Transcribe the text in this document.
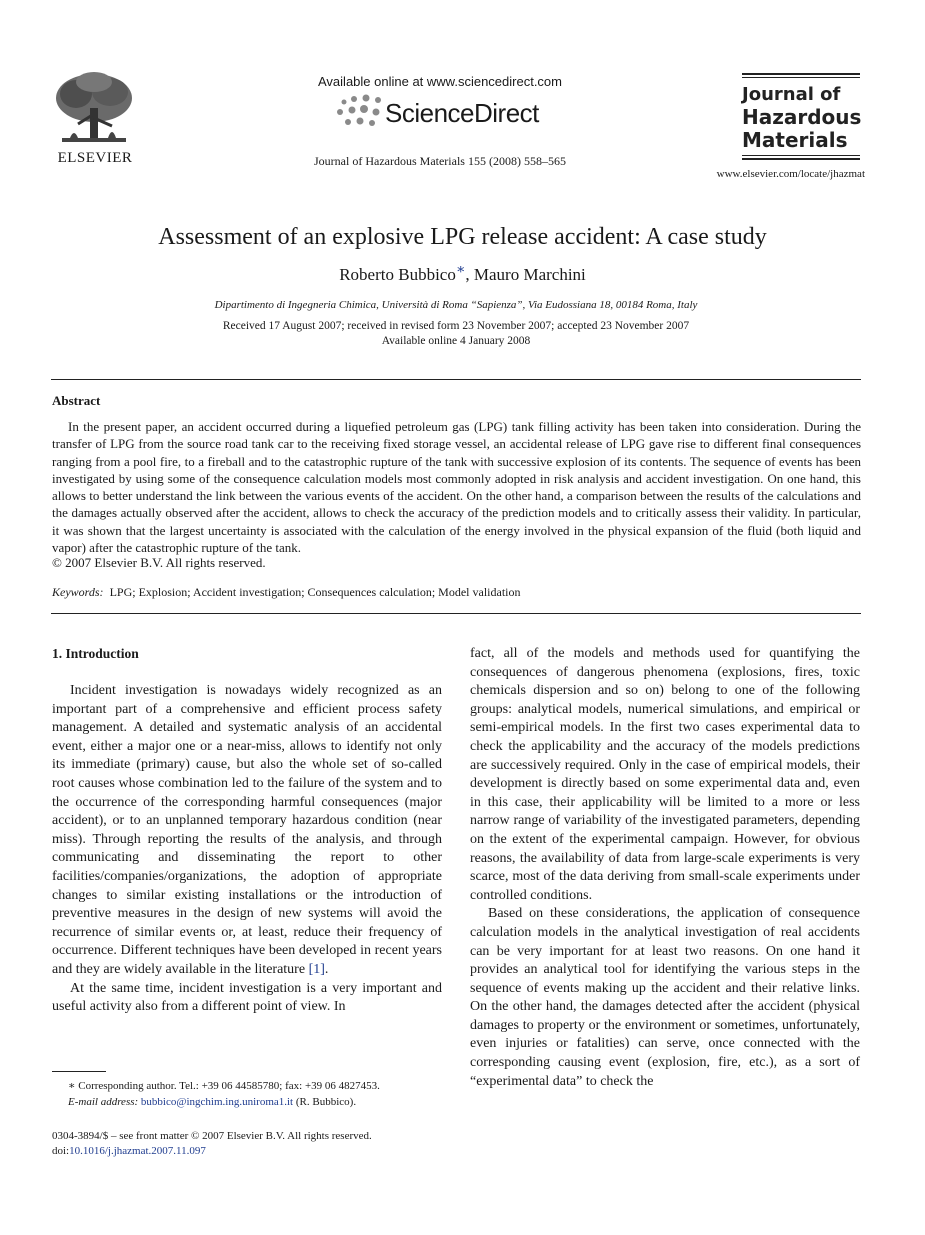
ELSEVIER
Available online at www.sciencedirect.com
ScienceDirect
Journal of Hazardous Materials 155 (2008) 558–565
Journal of
Hazardous
Materials
www.elsevier.com/locate/jhazmat
Assessment of an explosive LPG release accident: A case study
Roberto Bubbico∗, Mauro Marchini
Dipartimento di Ingegneria Chimica, Università di Roma “Sapienza”, Via Eudossiana 18, 00184 Roma, Italy
Received 17 August 2007; received in revised form 23 November 2007; accepted 23 November 2007
Available online 4 January 2008
Abstract
In the present paper, an accident occurred during a liquefied petroleum gas (LPG) tank filling activity has been taken into consideration. During the transfer of LPG from the source road tank car to the receiving fixed storage vessel, an accidental release of LPG gave rise to different final consequences ranging from a pool fire, to a fireball and to the catastrophic rupture of the tank with successive explosion of its contents. The sequence of events has been investigated by using some of the consequence calculation models most commonly adopted in risk analysis and accident investigation. On one hand, this allows to better understand the link between the various events of the accident. On the other hand, a comparison between the results of the calculations and the damages actually observed after the accident, allows to check the accuracy of the prediction models and to critically assess their validity. In particular, it was shown that the largest uncertainty is associated with the calculation of the energy involved in the physical expansion of the fluid (both liquid and vapor) after the catastrophic rupture of the tank.
© 2007 Elsevier B.V. All rights reserved.
Keywords: LPG; Explosion; Accident investigation; Consequences calculation; Model validation
1. Introduction

Incident investigation is nowadays widely recognized as an important part of a comprehensive and efficient process safety management. A detailed and systematic analysis of an accidental event, either a major one or a near-miss, allows to identify not only its immediate (primary) cause, but also the whole set of so-called root causes whose combination led to the failure of the system and to the occurrence of the corresponding harmful consequences (major accident), or to an unplanned temporary hazardous condition (near miss). Through reporting the results of the analysis, and through communicating and disseminating the report to other facilities/companies/organizations, the adoption of appropriate changes to similar existing installations or the introduction of preventive measures in the design of new systems will avoid the recurrence of similar events or, at least, reduce their frequency of occurrence. Different techniques have been developed in recent years and they are widely available in the literature [1].

At the same time, incident investigation is a very important and useful activity also from a different point of view. In

fact, all of the models and methods used for quantifying the consequences of dangerous phenomena (explosions, fires, toxic chemicals dispersion and so on) belong to one of the following groups: analytical models, numerical simulations, and empirical or semi-empirical models. In the first two cases experimental data to check the applicability and the accuracy of the models predictions are successively required. Only in the case of empirical models, their development is directly based on some experimental data and, even in this case, their applicability will be limited to a more or less narrow range of variability of the investigated parameters, depending on the extent of the experimental campaign. However, for obvious reasons, the availability of data from large-scale experiments is very scarce, most of the data deriving from small-scale experiments under controlled conditions.

Based on these considerations, the application of consequence calculation models in the analytical investigation of real accidents can be very important for at least two reasons. On one hand it provides an analytical tool for identifying the various steps in the sequence of events making up the accident and their relative links. On the other hand, the damages detected after the accident (physical damages to property or the environment or sometimes, unfortunately, even injuries or fatalities) can serve, once connected with the corresponding causing event (explosion, fire, etc.), as a sort of “experimental data” to check the

∗ Corresponding author. Tel.: +39 06 44585780; fax: +39 06 4827453.
E-mail address: bubbico@ingchim.ing.uniroma1.it (R. Bubbico).
0304-3894/$ – see front matter © 2007 Elsevier B.V. All rights reserved.
doi:10.1016/j.jhazmat.2007.11.097
